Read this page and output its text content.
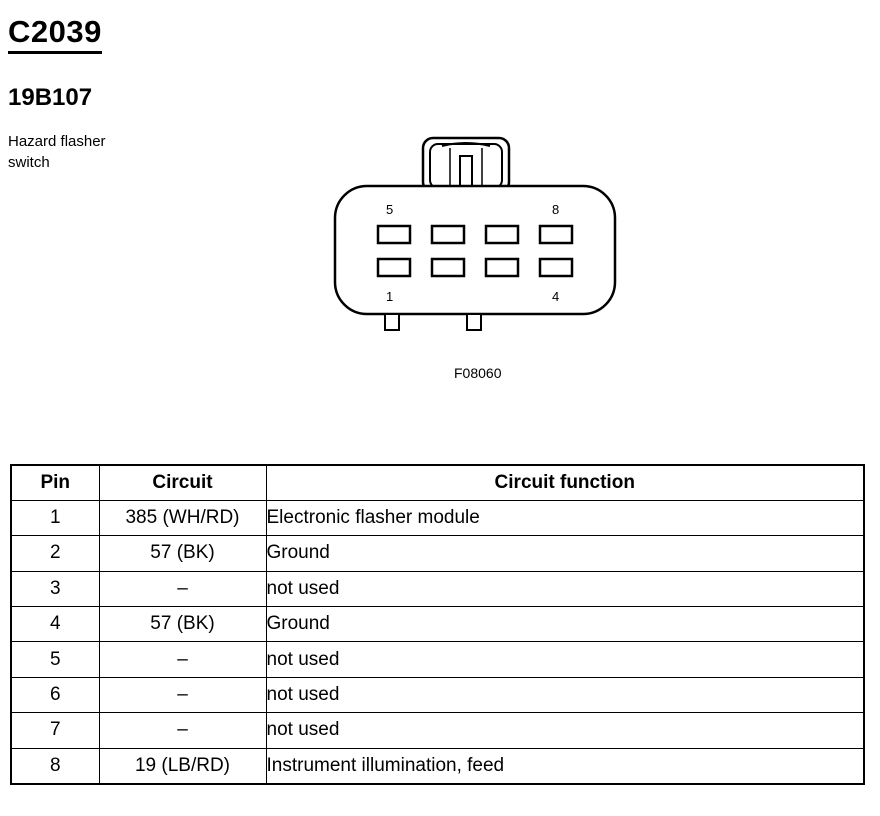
C2039
19B107
Hazard flasher switch
5	8
1	4
F08060
Pin	Circuit	Circuit function
1	385 (WH/RD)	Electronic flasher module
2	57 (BK)	Ground
3	–	not used
4	57 (BK)	Ground
5	–	not used
6	–	not used
7	–	not used
8	19 (LB/RD)	Instrument illumination, feed
